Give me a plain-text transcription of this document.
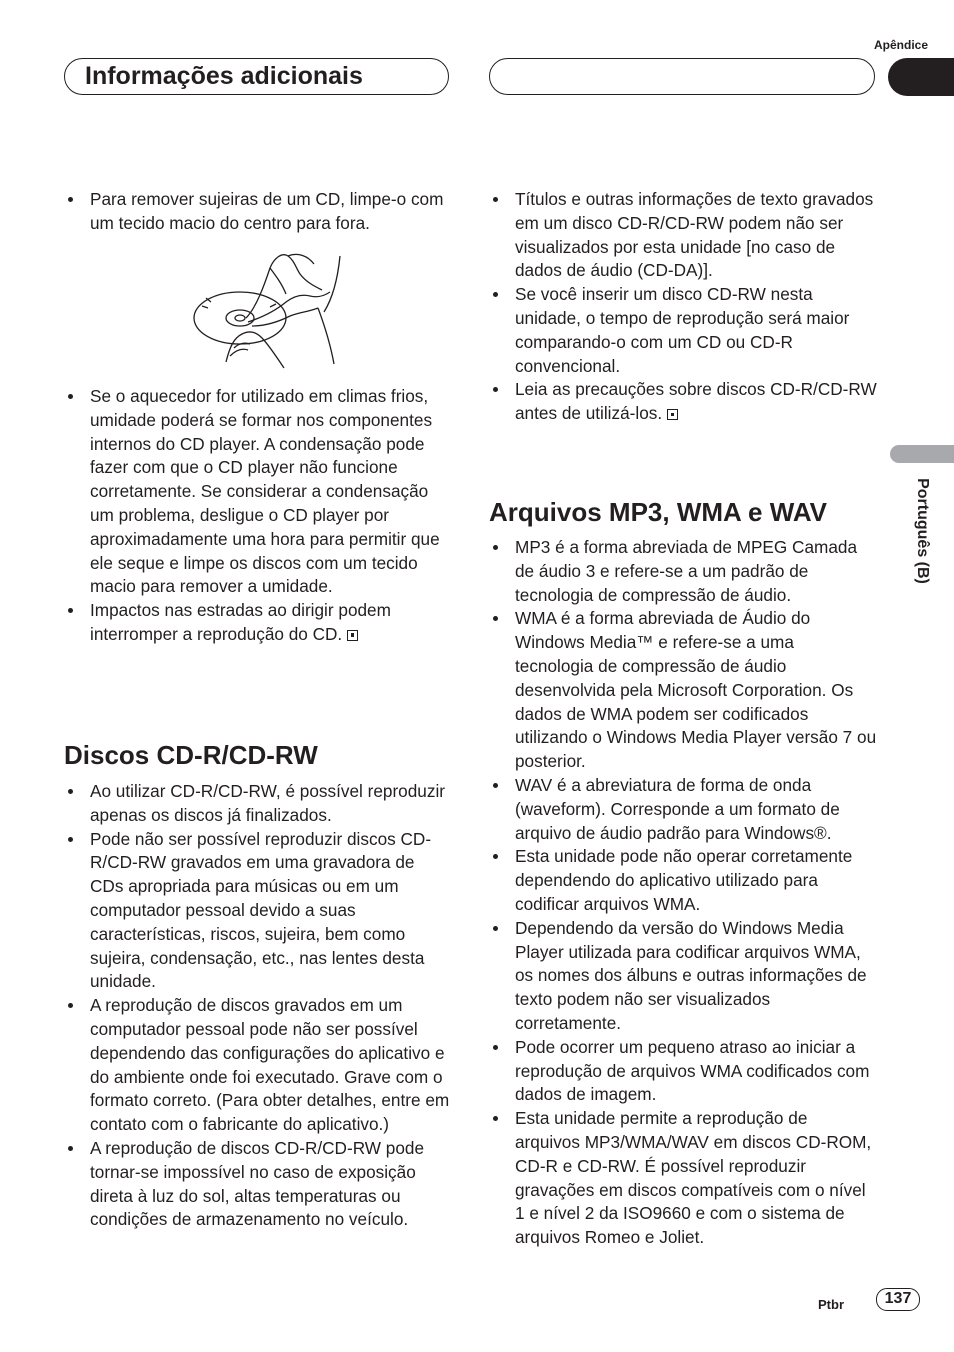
Apêndice
Informações adicionais
Português (B)
Para remover sujeiras de um CD, limpe-o com um tecido macio do centro para fora.
Se o aquecedor for utilizado em climas frios, umidade poderá se formar nos componentes internos do CD player. A condensação pode fazer com que o CD player não funcione corretamente. Se considerar a condensação um problema, desligue o CD player por aproximadamente uma hora para permitir que ele seque e limpe os discos com um tecido macio para remover a umidade.
Impactos nas estradas ao dirigir podem interromper a reprodução do CD.
Discos CD-R/CD-RW
Ao utilizar CD-R/CD-RW, é possível reproduzir apenas os discos já finalizados.
Pode não ser possível reproduzir discos CD-R/CD-RW gravados em uma gravadora de CDs apropriada para músicas ou em um computador pessoal devido a suas características, riscos, sujeira, bem como sujeira, condensação, etc., nas lentes desta unidade.
A reprodução de discos gravados em um computador pessoal pode não ser possível dependendo das configurações do aplicativo e do ambiente onde foi executado. Grave com o formato correto. (Para obter detalhes, entre em contato com o fabricante do aplicativo.)
A reprodução de discos CD-R/CD-RW pode tornar-se impossível no caso de exposição direta à luz do sol, altas temperaturas ou condições de armazenamento no veículo.
Títulos e outras informações de texto gravados em um disco CD-R/CD-RW podem não ser visualizados por esta unidade [no caso de dados de áudio (CD-DA)].
Se você inserir um disco CD-RW nesta unidade, o tempo de reprodução será maior comparando-o com um CD ou CD-R convencional.
Leia as precauções sobre discos CD-R/CD-RW antes de utilizá-los.
Arquivos MP3, WMA e WAV
MP3 é a forma abreviada de MPEG Camada de áudio 3 e refere-se a um padrão de tecnologia de compressão de áudio.
WMA é a forma abreviada de Áudio do Windows Media™ e refere-se a uma tecnologia de compressão de áudio desenvolvida pela Microsoft Corporation. Os dados de WMA podem ser codificados utilizando o Windows Media Player versão 7 ou posterior.
WAV é a abreviatura de forma de onda (waveform). Corresponde a um formato de arquivo de áudio padrão para Windows®.
Esta unidade pode não operar corretamente dependendo do aplicativo utilizado para codificar arquivos WMA.
Dependendo da versão do Windows Media Player utilizada para codificar arquivos WMA, os nomes dos álbuns e outras informações de texto podem não ser visualizados corretamente.
Pode ocorrer um pequeno atraso ao iniciar a reprodução de arquivos WMA codificados com dados de imagem.
Esta unidade permite a reprodução de arquivos MP3/WMA/WAV em discos CD-ROM, CD-R e CD-RW. É possível reproduzir gravações em discos compatíveis com o nível 1 e nível 2 da ISO9660 e com o sistema de arquivos Romeo e Joliet.
Ptbr	137
